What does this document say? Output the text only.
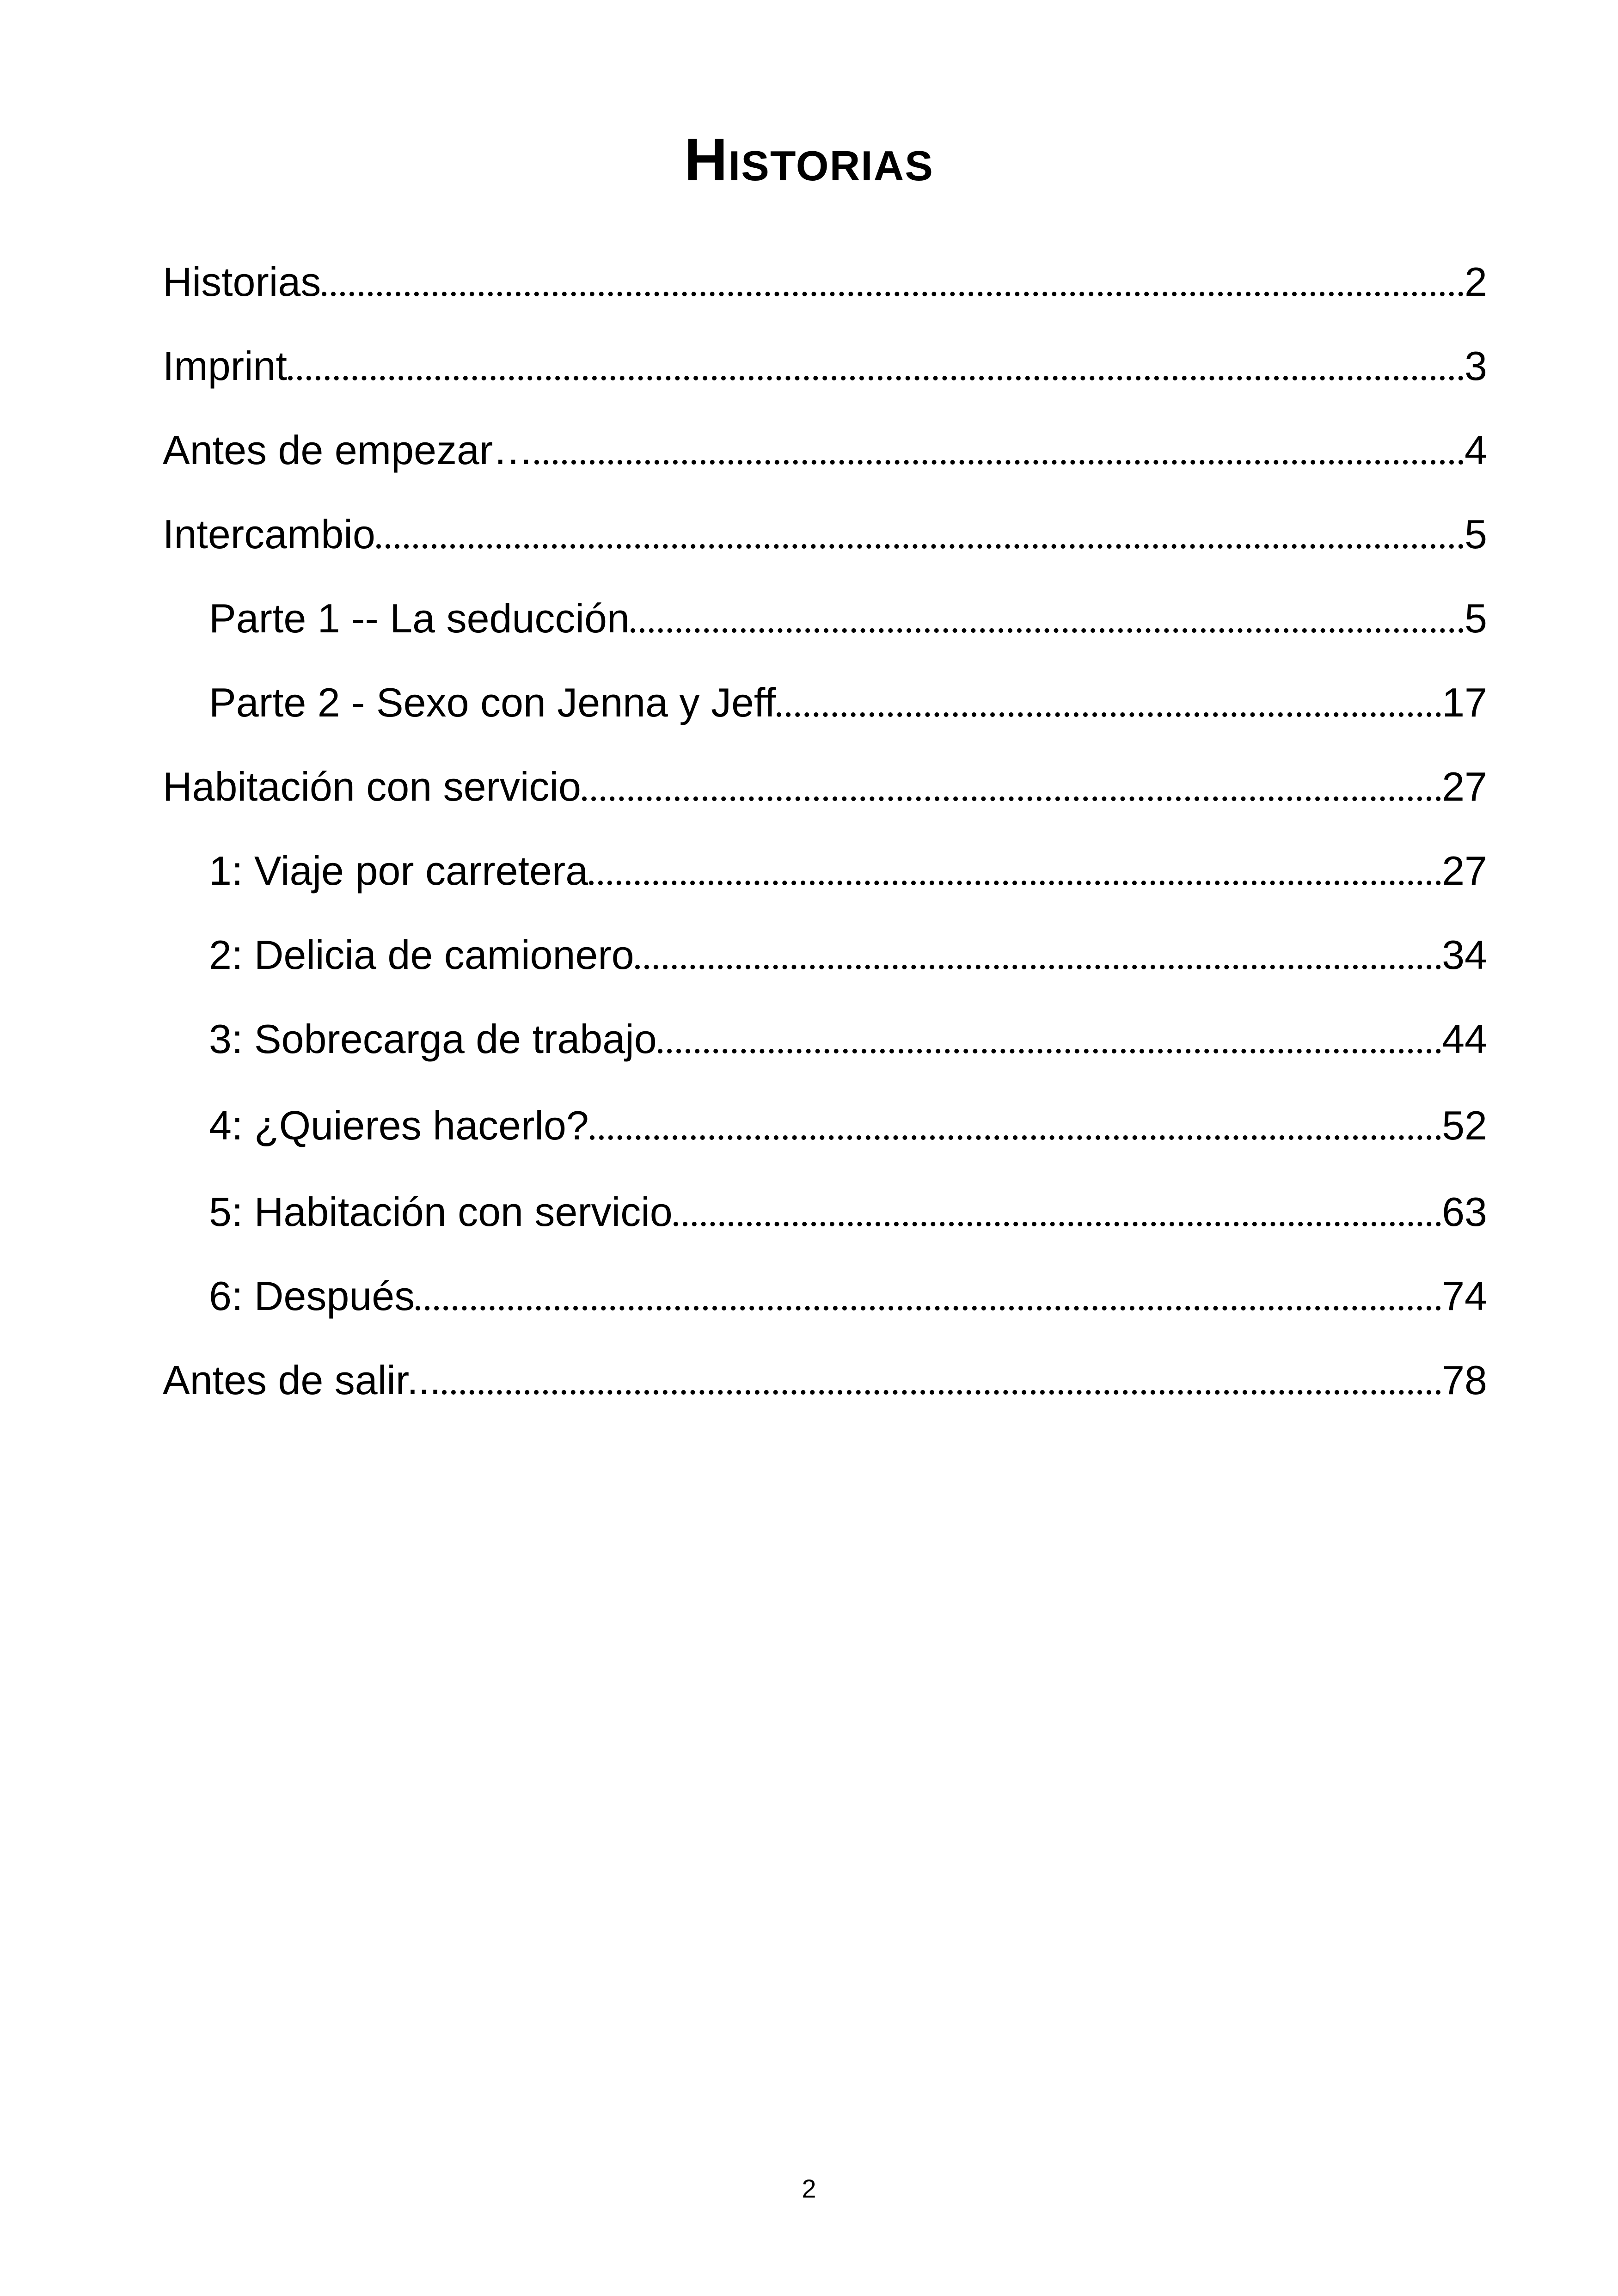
Historias
Historias	2
Imprint	3
Antes de empezar…	4
Intercambio	5
Parte 1 -- La seducción	5
Parte 2 - Sexo con Jenna y Jeff	17
Habitación con servicio	27
1: Viaje por carretera	27
2: Delicia de camionero	34
3: Sobrecarga de trabajo	44
4: ¿Quieres hacerlo?	52
5: Habitación con servicio	63
6: Después	74
Antes de salir...	78
2
